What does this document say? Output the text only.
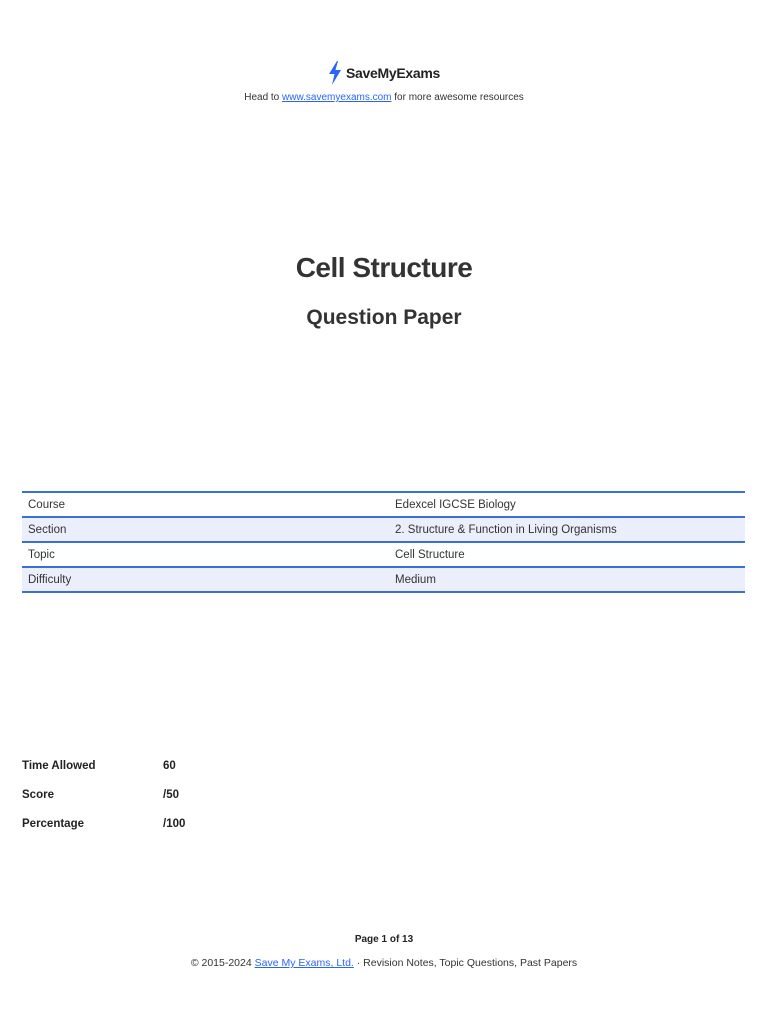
SaveMyExams
Head to www.savemyexams.com for more awesome resources
Cell Structure
Question Paper
Course	Edexcel IGCSE Biology
Section	2. Structure & Function in Living Organisms
Topic	Cell Structure
Difficulty	Medium
Time Allowed	60
Score	/50
Percentage	/100
Page 1 of 13
© 2015-2024 Save My Exams, Ltd. · Revision Notes, Topic Questions, Past Papers
